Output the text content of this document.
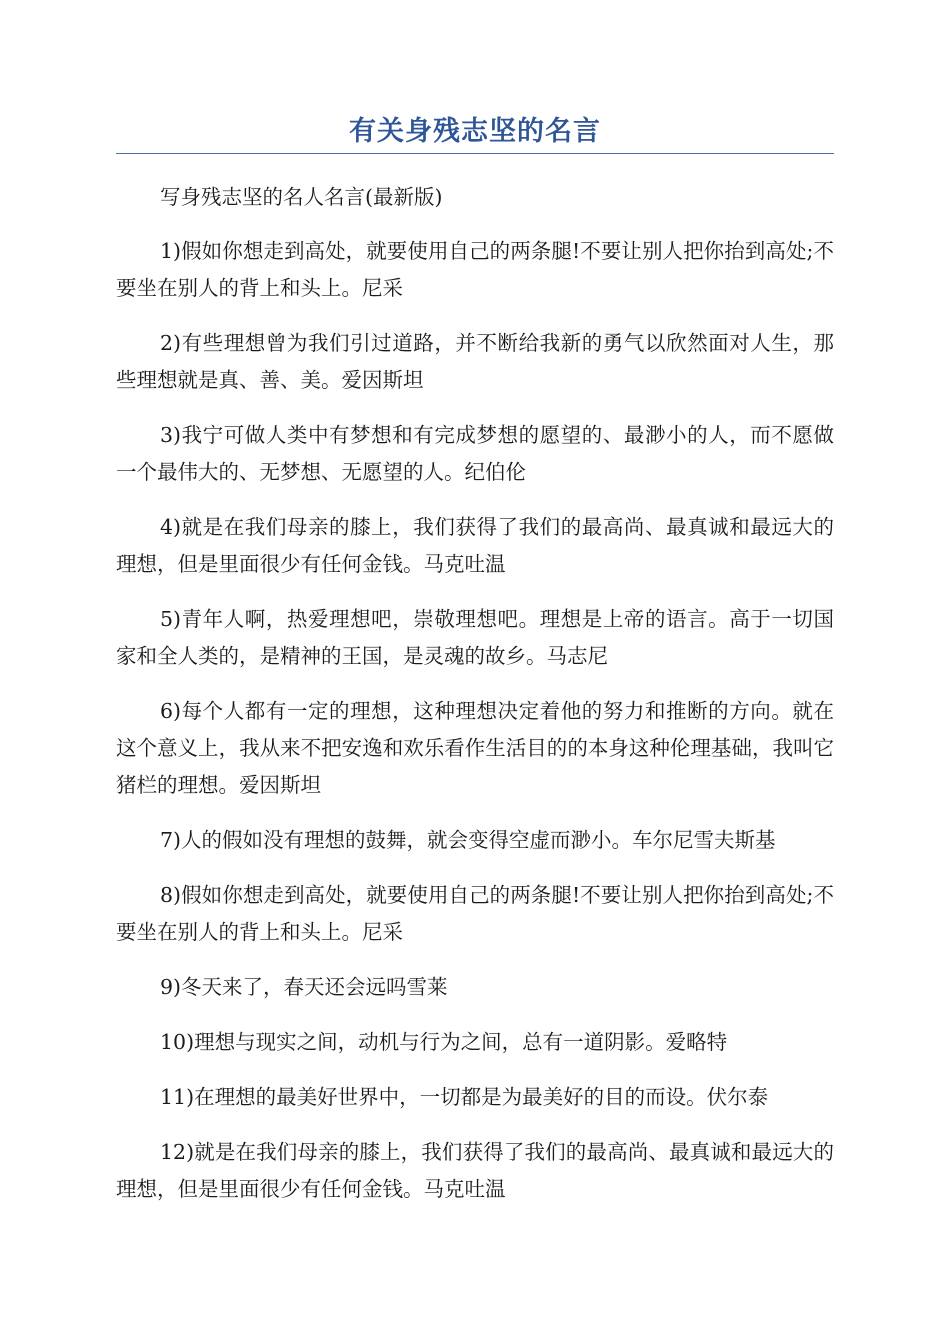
有关身残志坚的名言

写身残志坚的名人名言(最新版)

1)假如你想走到高处，就要使用自己的两条腿!不要让别人把你抬到高处;不要坐在别人的背上和头上。尼采

2)有些理想曾为我们引过道路，并不断给我新的勇气以欣然面对人生，那些理想就是真、善、美。爱因斯坦

3)我宁可做人类中有梦想和有完成梦想的愿望的、最渺小的人，而不愿做一个最伟大的、无梦想、无愿望的人。纪伯伦

4)就是在我们母亲的膝上，我们获得了我们的最高尚、最真诚和最远大的理想，但是里面很少有任何金钱。马克吐温

5)青年人啊，热爱理想吧，崇敬理想吧。理想是上帝的语言。高于一切国家和全人类的，是精神的王国，是灵魂的故乡。马志尼

6)每个人都有一定的理想，这种理想决定着他的努力和推断的方向。就在这个意义上，我从来不把安逸和欢乐看作生活目的的本身这种伦理基础，我叫它猪栏的理想。爱因斯坦

7)人的假如没有理想的鼓舞，就会变得空虚而渺小。车尔尼雪夫斯基

8)假如你想走到高处，就要使用自己的两条腿!不要让别人把你抬到高处;不要坐在别人的背上和头上。尼采

9)冬天来了，春天还会远吗雪莱

10)理想与现实之间，动机与行为之间，总有一道阴影。爱略特

11)在理想的最美好世界中，一切都是为最美好的目的而设。伏尔泰

12)就是在我们母亲的膝上，我们获得了我们的最高尚、最真诚和最远大的理想，但是里面很少有任何金钱。马克吐温
